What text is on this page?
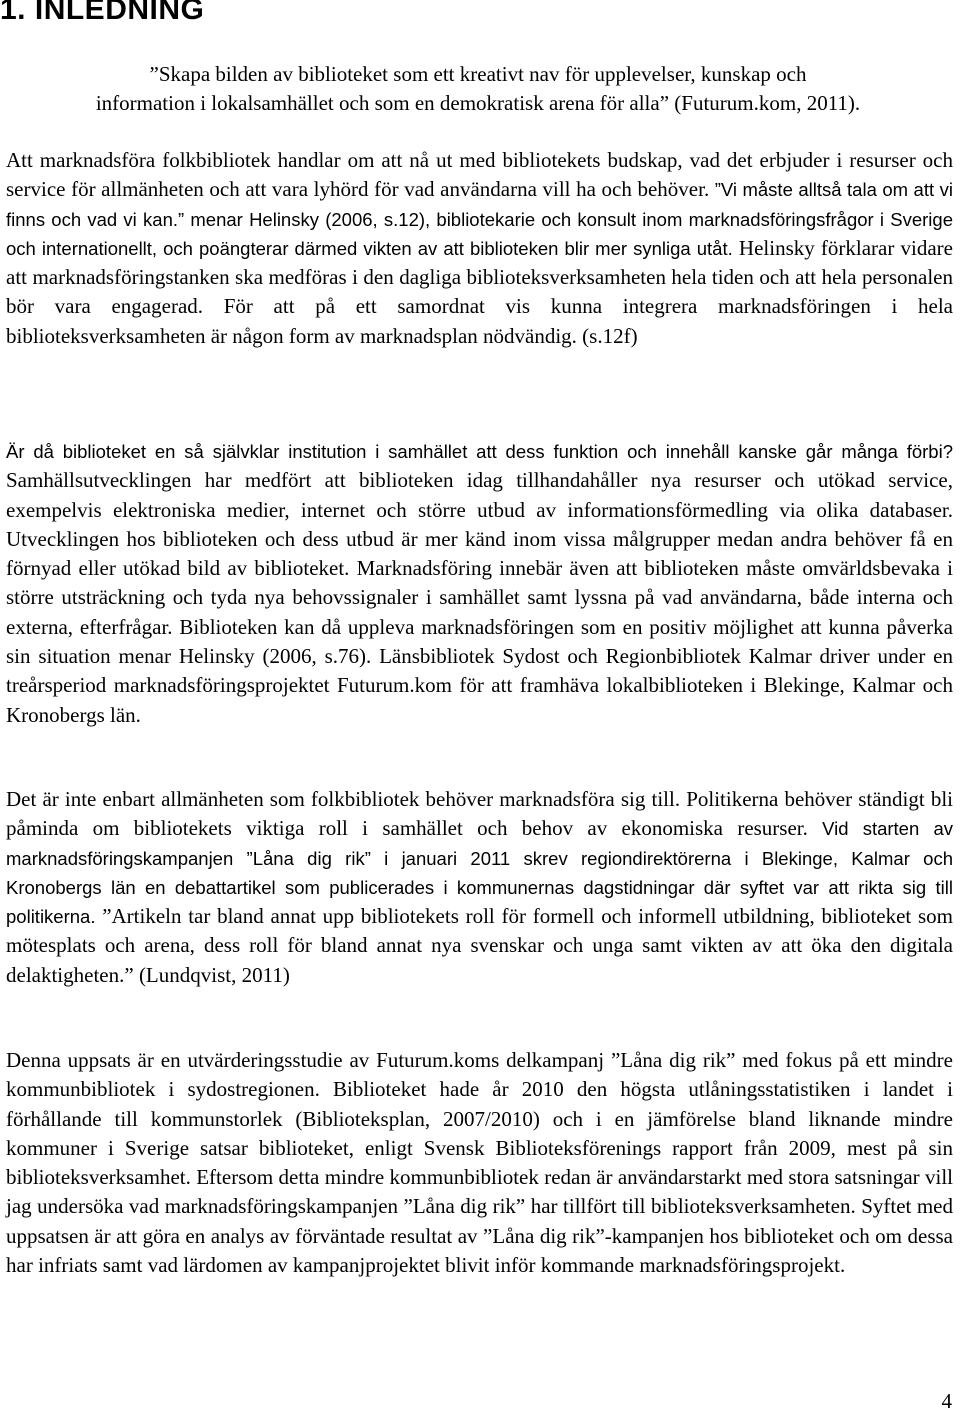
1. INLEDNING

”Skapa bilden av biblioteket som ett kreativt nav för upplevelser, kunskap och
information i lokalsamhället och som en demokratisk arena för alla” (Futurum.kom, 2011).

Att marknadsföra folkbibliotek handlar om att nå ut med bibliotekets budskap, vad det erbjuder i resurser och service för allmänheten och att vara lyhörd för vad användarna vill ha och behöver. ”Vi måste alltså tala om att vi finns och vad vi kan.” menar Helinsky (2006, s.12), bibliotekarie och konsult inom marknadsföringsfrågor i Sverige och internationellt, och poängterar därmed vikten av att biblioteken blir mer synliga utåt. Helinsky förklarar vidare att marknadsföringstanken ska medföras i den dagliga biblioteksverksamheten hela tiden och att hela personalen bör vara engagerad. För att på ett samordnat vis kunna integrera marknadsföringen i hela biblioteksverksamheten är någon form av marknadsplan nödvändig. (s.12f)

Är då biblioteket en så självklar institution i samhället att dess funktion och innehåll kanske går många förbi? Samhällsutvecklingen har medfört att biblioteken idag tillhandahåller nya resurser och utökad service, exempelvis elektroniska medier, internet och större utbud av informationsförmedling via olika databaser. Utvecklingen hos biblioteken och dess utbud är mer känd inom vissa målgrupper medan andra behöver få en förnyad eller utökad bild av biblioteket. Marknadsföring innebär även att biblioteken måste omvärldsbevaka i större utsträckning och tyda nya behovssignaler i samhället samt lyssna på vad användarna, både interna och externa, efterfrågar. Biblioteken kan då uppleva marknadsföringen som en positiv möjlighet att kunna påverka sin situation menar Helinsky (2006, s.76). Länsbibliotek Sydost och Regionbibliotek Kalmar driver under en treårsperiod marknadsföringsprojektet Futurum.kom för att framhäva lokalbiblioteken i Blekinge, Kalmar och Kronobergs län.

Det är inte enbart allmänheten som folkbibliotek behöver marknadsföra sig till. Politikerna behöver ständigt bli påminda om bibliotekets viktiga roll i samhället och behov av ekonomiska resurser. Vid starten av marknadsföringskampanjen ”Låna dig rik” i januari 2011 skrev regiondirektörerna i Blekinge, Kalmar och Kronobergs län en debattartikel som publicerades i kommunernas dagstidningar där syftet var att rikta sig till politikerna. ”Artikeln tar bland annat upp bibliotekets roll för formell och informell utbildning, biblioteket som mötesplats och arena, dess roll för bland annat nya svenskar och unga samt vikten av att öka den digitala delaktigheten.” (Lundqvist, 2011)

Denna uppsats är en utvärderingsstudie av Futurum.koms delkampanj ”Låna dig rik” med fokus på ett mindre kommunbibliotek i sydostregionen. Biblioteket hade år 2010 den högsta utlåningsstatistiken i landet i förhållande till kommunstorlek (Biblioteksplan, 2007/2010) och i en jämförelse bland liknande mindre kommuner i Sverige satsar biblioteket, enligt Svensk Biblioteksförenings rapport från 2009, mest på sin biblioteksverksamhet. Eftersom detta mindre kommunbibliotek redan är användarstarkt med stora satsningar vill jag undersöka vad marknadsföringskampanjen ”Låna dig rik” har tillfört till biblioteksverksamheten. Syftet med uppsatsen är att göra en analys av förväntade resultat av ”Låna dig rik”-kampanjen hos biblioteket och om dessa har infriats samt vad lärdomen av kampanjprojektet blivit inför kommande marknadsföringsprojekt.

4
